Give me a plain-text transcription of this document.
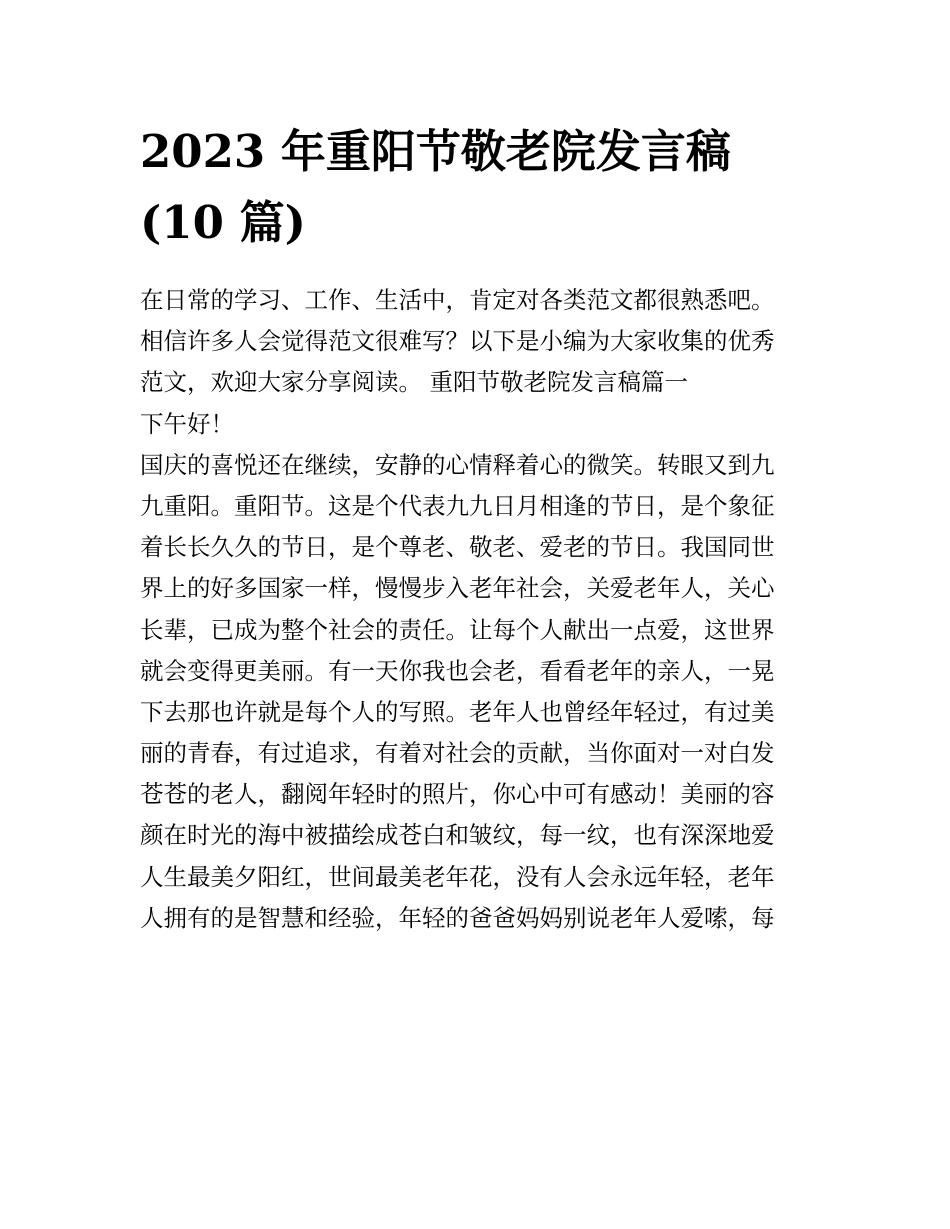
2023 年重阳节敬老院发言稿
(10 篇)
在日常的学习、工作、生活中，肯定对各类范文都很熟悉吧。
相信许多人会觉得范文很难写？以下是小编为大家收集的优秀
范文，欢迎大家分享阅读。 重阳节敬老院发言稿篇一
下午好！
国庆的喜悦还在继续，安静的心情释着心的微笑。转眼又到九
九重阳。重阳节。这是个代表九九日月相逢的节日，是个象征
着长长久久的节日，是个尊老、敬老、爱老的节日。我国同世
界上的好多国家一样，慢慢步入老年社会，关爱老年人，关心
长辈，已成为整个社会的责任。让每个人献出一点爱，这世界
就会变得更美丽。有一天你我也会老，看看老年的亲人，一晃
下去那也许就是每个人的写照。老年人也曾经年轻过，有过美
丽的青春，有过追求，有着对社会的贡献，当你面对一对白发
苍苍的老人，翻阅年轻时的照片，你心中可有感动！美丽的容
颜在时光的海中被描绘成苍白和皱纹，每一纹，也有深深地爱
人生最美夕阳红，世间最美老年花，没有人会永远年轻，老年
人拥有的是智慧和经验，年轻的爸爸妈妈别说老年人爱嗦，每
